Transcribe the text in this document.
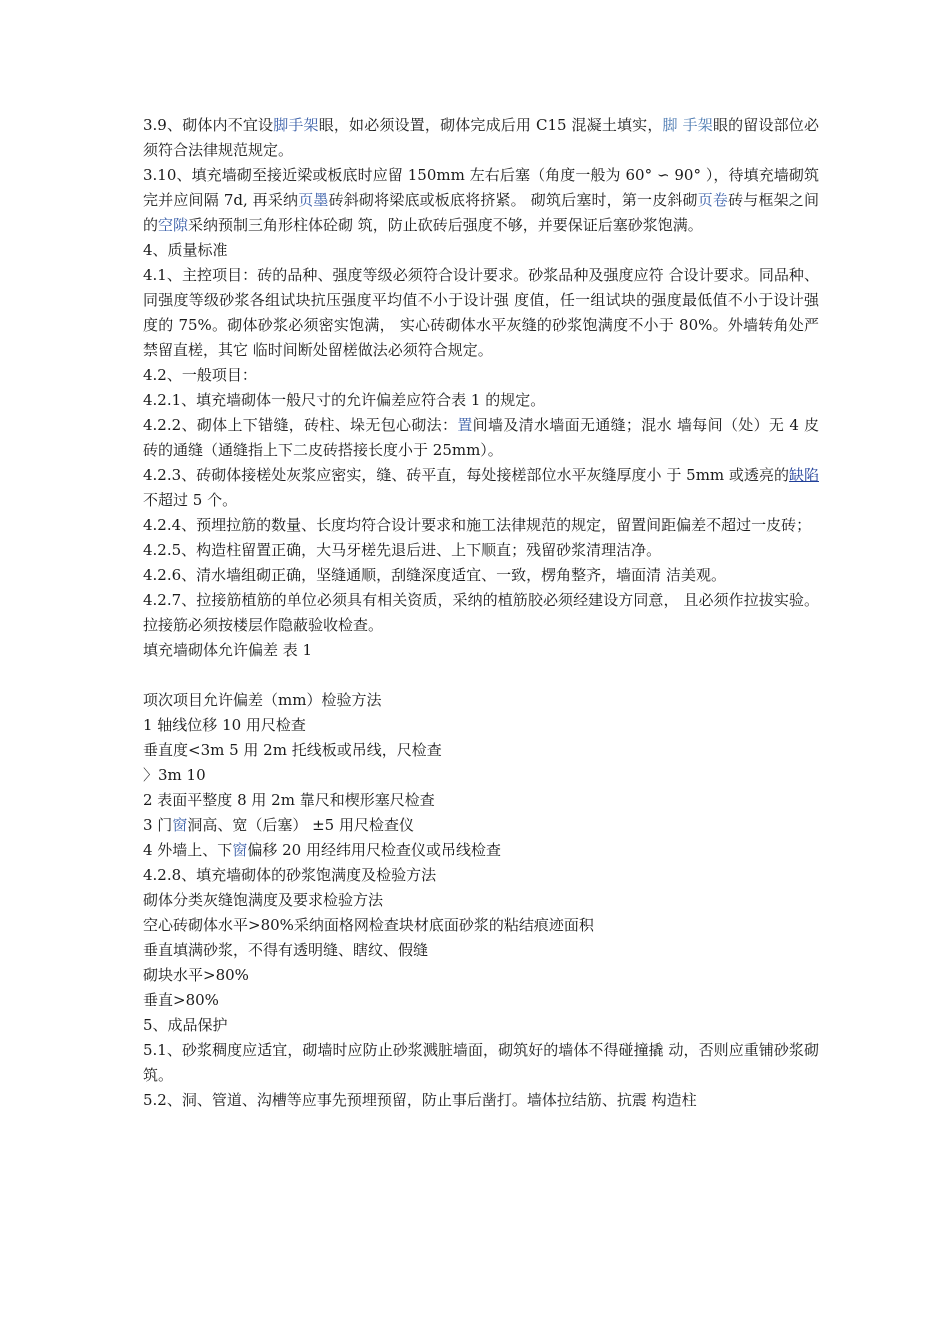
3.9、砌体内不宜设脚手架眼，如必须设置，砌体完成后用 C15 混凝土填实，脚 手架眼的留设部位必须符合法律规范规定。

3.10、填充墙砌至接近梁或板底时应留 150mm 左右后塞（角度一般为 60° ∽ 90° ），待填充墙砌筑完并应间隔 7d, 再采纳页墨砖斜砌将梁底或板底将挤紧。 砌筑后塞时，第一皮斜砌页卷砖与框架之间的空隙采纳预制三角形柱体砼砌 筑，防止砍砖后强度不够，并要保证后塞砂浆饱满。

4、质量标准

4.1、主控项目：砖的品种、强度等级必须符合设计要求。砂浆品种及强度应符 合设计要求。同品种、同强度等级砂浆各组试块抗压强度平均值不小于设计强 度值，任一组试块的强度最低值不小于设计强度的 75%。砌体砂浆必须密实饱满， 实心砖砌体水平灰缝的砂浆饱满度不小于 80%。外墙转角处严禁留直槎，其它 临时间断处留槎做法必须符合规定。

4.2、一般项目：

4.2.1、填充墙砌体一般尺寸的允许偏差应符合表 1 的规定。

4.2.2、砌体上下错缝，砖柱、垛无包心砌法：置间墙及清水墙面无通缝；混水 墙每间（处）无 4 皮砖的通缝（通缝指上下二皮砖搭接长度小于 25mm）。

4.2.3、砖砌体接槎处灰浆应密实，缝、砖平直，每处接槎部位水平灰缝厚度小 于 5mm 或透亮的缺陷不超过 5 个。

4.2.4、预埋拉筋的数量、长度均符合设计要求和施工法律规范的规定，留置间距偏差不超过一皮砖；

4.2.5、构造柱留置正确，大马牙槎先退后进、上下顺直；残留砂浆清理洁净。

4.2.6、清水墙组砌正确，坚缝通顺，刮缝深度适宜、一致，楞角整齐，墙面清 洁美观。

4.2.7、拉接筋植筋的单位必须具有相关资质，采纳的植筋胶必须经建设方同意， 且必须作拉拔实验。拉接筋必须按楼层作隐蔽验收检查。

填充墙砌体允许偏差 表 1

项次项目允许偏差（mm）检验方法

1 轴线位移 10 用尺检查

垂直度<3m 5 用 2m 托线板或吊线，尺检查

〉3m 10

2 表面平整度 8 用 2m 靠尺和楔形塞尺检查

3 门窗洞高、宽（后塞） ±5 用尺检查仪

4 外墙上、下窗偏移 20 用经纬用尺检查仪或吊线检查

4.2.8、填充墙砌体的砂浆饱满度及检验方法

砌体分类灰缝饱满度及要求检验方法

空心砖砌体水平>80%采纳面格网检查块材底面砂浆的粘结痕迹面积

垂直填满砂浆，不得有透明缝、瞎纹、假缝

砌块水平>80%

垂直>80%

5、成品保护

5.1、砂浆稠度应适宜，砌墙时应防止砂浆溅脏墙面，砌筑好的墙体不得碰撞撬 动，否则应重铺砂浆砌筑。

5.2、洞、管道、沟槽等应事先预埋预留，防止事后凿打。墙体拉结筋、抗震 构造柱
